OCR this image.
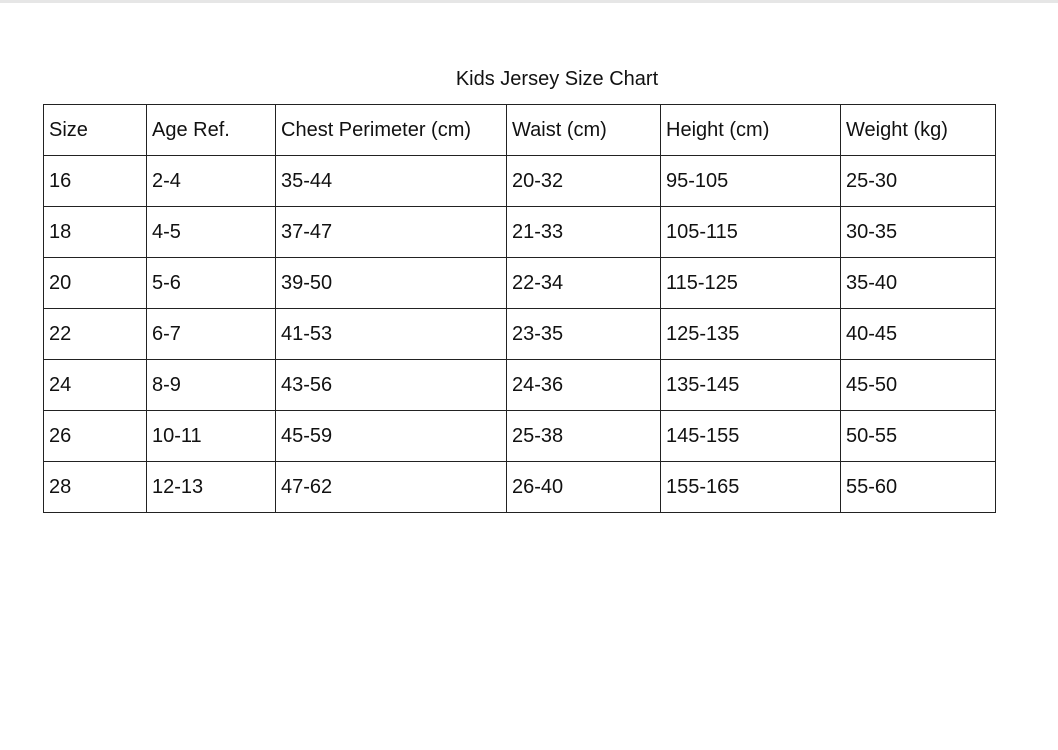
Kids Jersey Size Chart
Size	Age Ref.	Chest Perimeter (cm)	Waist (cm)	Height (cm)	Weight (kg)
16	2-4	35-44	20-32	95-105	25-30
18	4-5	37-47	21-33	105-115	30-35
20	5-6	39-50	22-34	115-125	35-40
22	6-7	41-53	23-35	125-135	40-45
24	8-9	43-56	24-36	135-145	45-50
26	10-11	45-59	25-38	145-155	50-55
28	12-13	47-62	26-40	155-165	55-60
